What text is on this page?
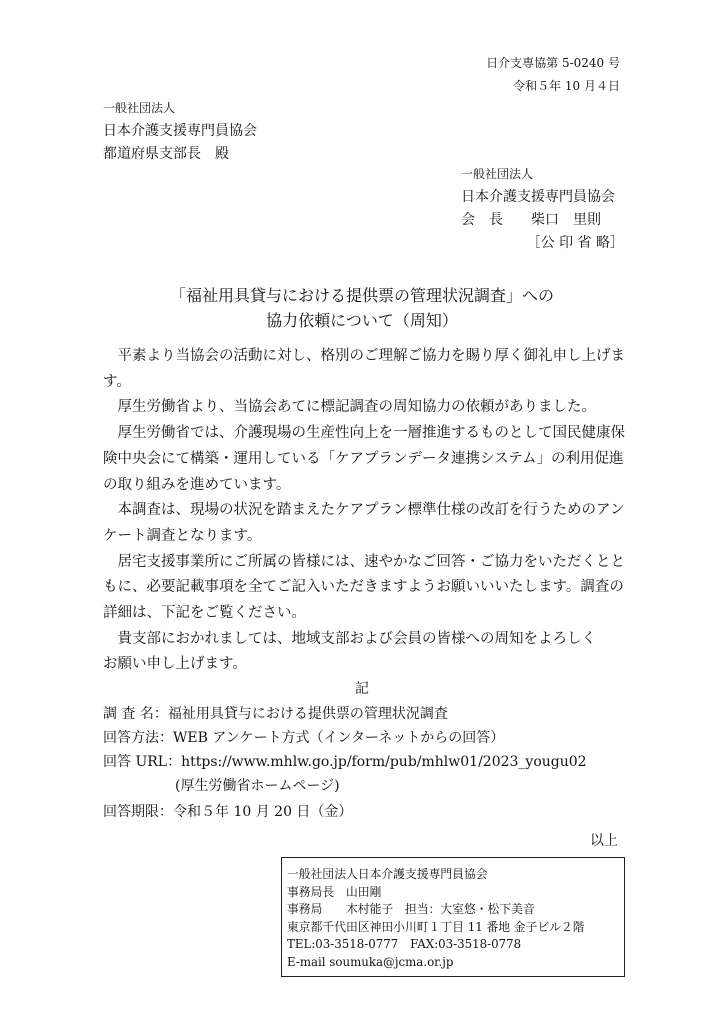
日介支専協第 5-0240 号
令和５年 10 月４日
一般社団法人
日本介護支援専門員協会
都道府県支部長　殿
一般社団法人
日本介護支援専門員協会
会　長　　柴口　里則
［公 印 省 略］
「福祉用具貸与における提供票の管理状況調査」への
協力依頼について（周知）

平素より当協会の活動に対し、格別のご理解ご協力を賜り厚く御礼申し上げます。

厚生労働省より、当協会あてに標記調査の周知協力の依頼がありました。

厚生労働省では、介護現場の生産性向上を一層推進するものとして国民健康保険中央会にて構築・運用している「ケアプランデータ連携システム」の利用促進の取り組みを進めています。

本調査は、現場の状況を踏まえたケアプラン標準仕様の改訂を行うためのアンケート調査となります。

居宅支援事業所にご所属の皆様には、速やかなご回答・ご協力をいただくとともに、必要記載事項を全てご記入いただきますようお願いいいたします。調査の詳細は、下記をご覧ください。

貴支部におかれましては、地域支部および会員の皆様への周知をよろしく

お願い申し上げます。

記
調 査 名：福祉用具貸与における提供票の管理状況調査
回答方法：WEB アンケート方式（インターネットからの回答）
回答 URL：https://www.mhlw.go.jp/form/pub/mhlw01/2023_yougu02
(厚生労働省ホームページ)
回答期限：令和５年 10 月 20 日（金）
以上
一般社団法人日本介護支援専門員協会
事務局長　山田剛
事務局　　木村能子　担当：大室悠・松下美音
東京都千代田区神田小川町１丁目 11 番地 金子ビル２階
TEL:03-3518-0777　FAX:03-3518-0778
E-mail soumuka@jcma.or.jp
